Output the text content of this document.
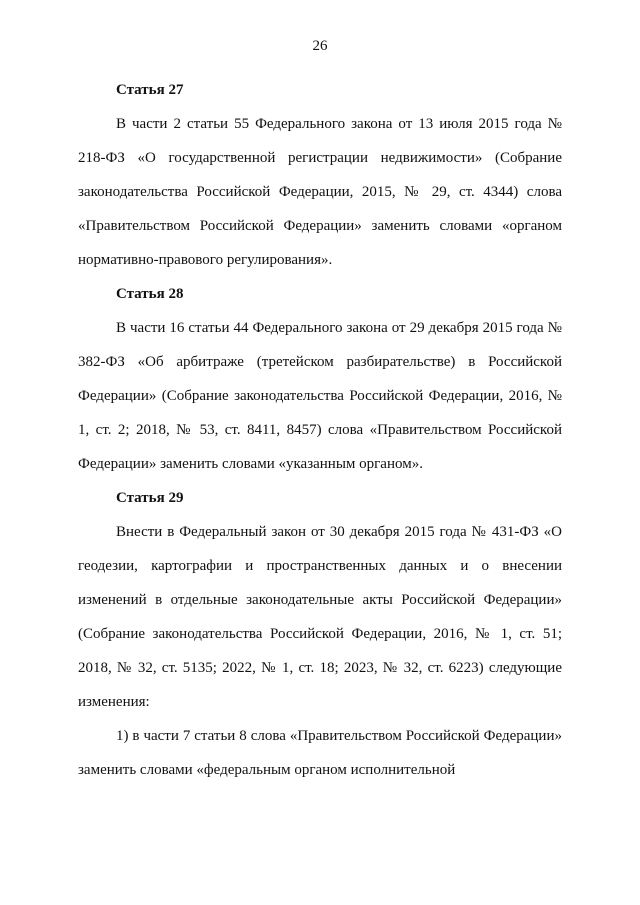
26

Статья 27

В части 2 статьи 55 Федерального закона от 13 июля 2015 года № 218-ФЗ «О государственной регистрации недвижимости» (Собрание законодательства Российской Федерации, 2015, № 29, ст. 4344) слова «Правительством Российской Федерации» заменить словами «органом нормативно-правового регулирования».

Статья 28

В части 16 статьи 44 Федерального закона от 29 декабря 2015 года № 382-ФЗ «Об арбитраже (третейском разбирательстве) в Российской Федерации» (Собрание законодательства Российской Федерации, 2016, № 1, ст. 2; 2018, № 53, ст. 8411, 8457) слова «Правительством Российской Федерации» заменить словами «указанным органом».

Статья 29

Внести в Федеральный закон от 30 декабря 2015 года № 431-ФЗ «О геодезии, картографии и пространственных данных и о внесении изменений в отдельные законодательные акты Российской Федерации» (Собрание законодательства Российской Федерации, 2016, № 1, ст. 51; 2018, № 32, ст. 5135; 2022, № 1, ст. 18; 2023, № 32, ст. 6223) следующие изменения:

1) в части 7 статьи 8 слова «Правительством Российской Федерации» заменить словами «федеральным органом исполнительной
